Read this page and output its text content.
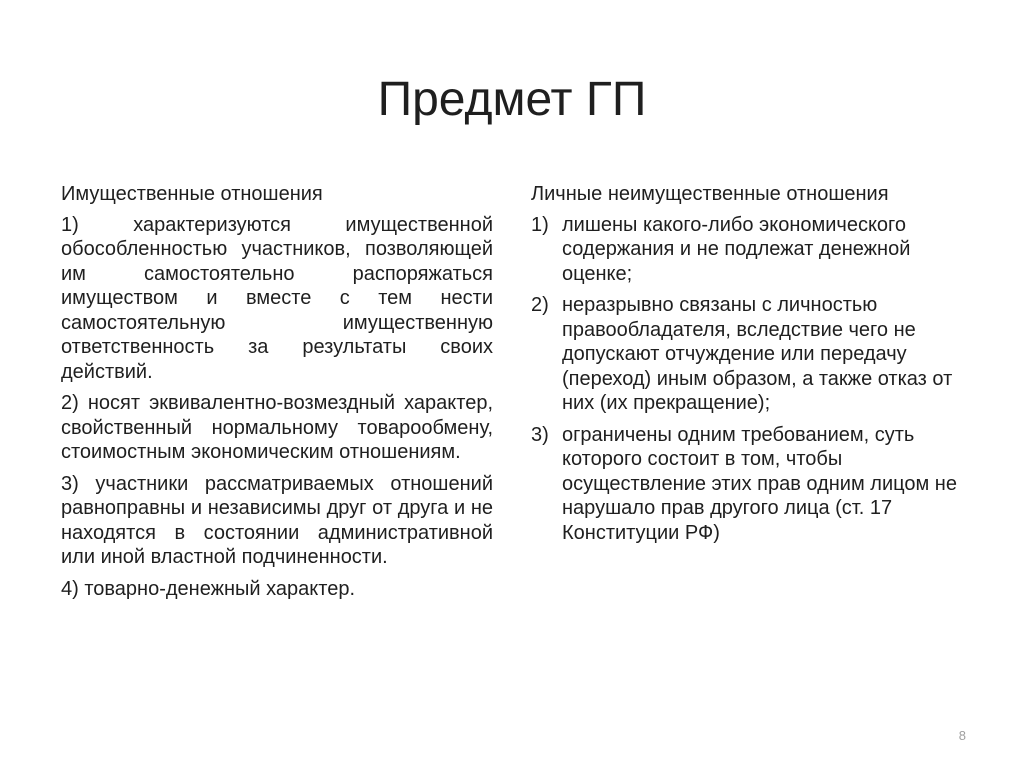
Предмет ГП
Имущественные отношения
1) характеризуются имущественной обособленностью участников, позволяющей им самостоятельно распоряжаться имуществом и вместе с тем нести самостоятельную имущественную ответственность за результаты своих действий.
2) носят эквивалентно-возмездный характер, свойственный нормальному товарообмену, стоимостным экономическим отношениям.
3) участники рассматриваемых отношений равноправны и независимы друг от друга и не находятся в состоянии административной или иной властной подчиненности.
4) товарно-денежный характер.
Личные неимущественные отношения
1) лишены какого-либо экономического содержания и не подлежат денежной оценке;
2) неразрывно связаны с личностью правообладателя, вследствие чего не допускают отчуждение или передачу (переход) иным образом, а также отказ от них (их прекращение);
3) ограничены одним требованием, суть которого состоит в том, чтобы осуществление этих прав одним лицом не нарушало прав другого лица (ст. 17 Конституции РФ)
8
